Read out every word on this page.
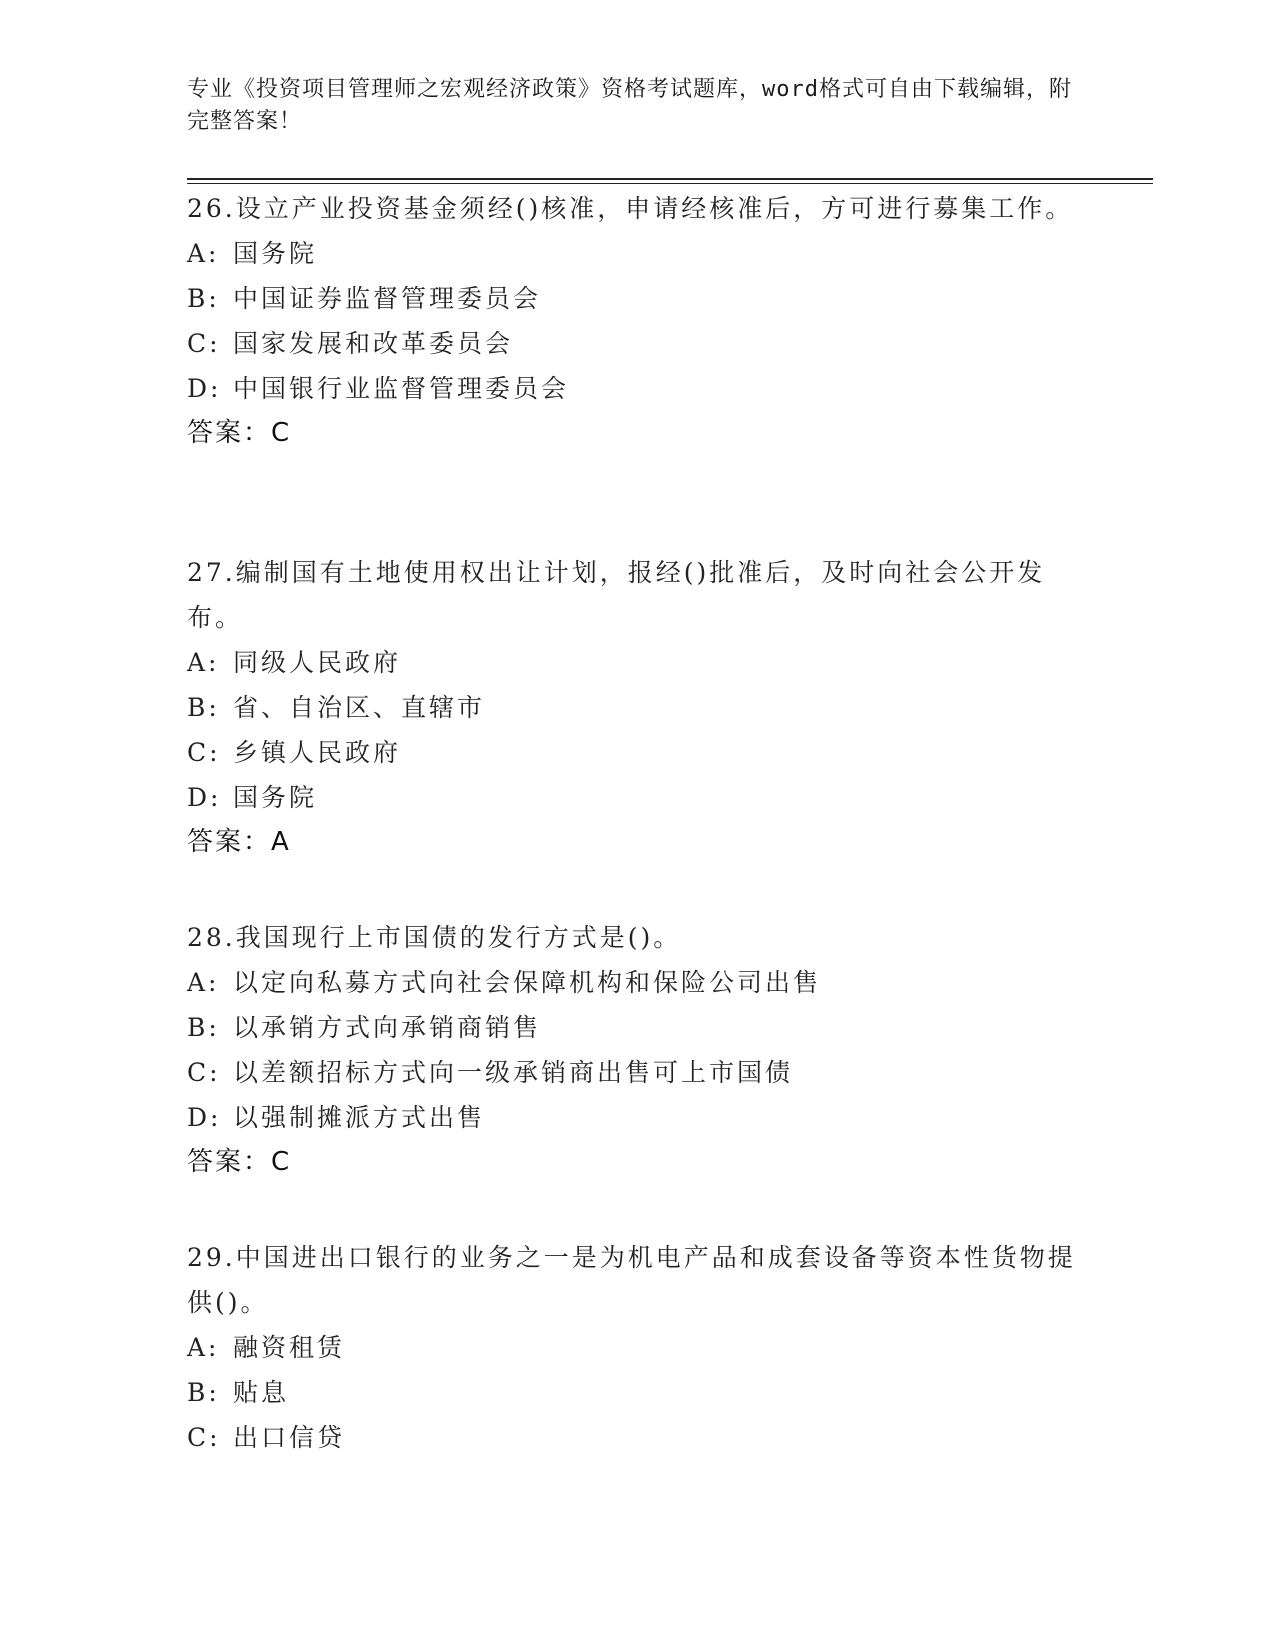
专业《投资项目管理师之宏观经济政策》资格考试题库，word格式可自由下载编辑，附完整答案！

26.设立产业投资基金须经()核准，申请经核准后，方可进行募集工作。

A: 国务院

B: 中国证券监督管理委员会

C: 国家发展和改革委员会

D: 中国银行业监督管理委员会

答案：C

27.编制国有土地使用权出让计划，报经()批准后，及时向社会公开发布。

A: 同级人民政府

B: 省、自治区、直辖市

C: 乡镇人民政府

D: 国务院

答案：A

28.我国现行上市国债的发行方式是()。

A: 以定向私募方式向社会保障机构和保险公司出售

B: 以承销方式向承销商销售

C: 以差额招标方式向一级承销商出售可上市国债

D: 以强制摊派方式出售

答案：C

29.中国进出口银行的业务之一是为机电产品和成套设备等资本性货物提供()。

A: 融资租赁

B: 贴息

C: 出口信贷
